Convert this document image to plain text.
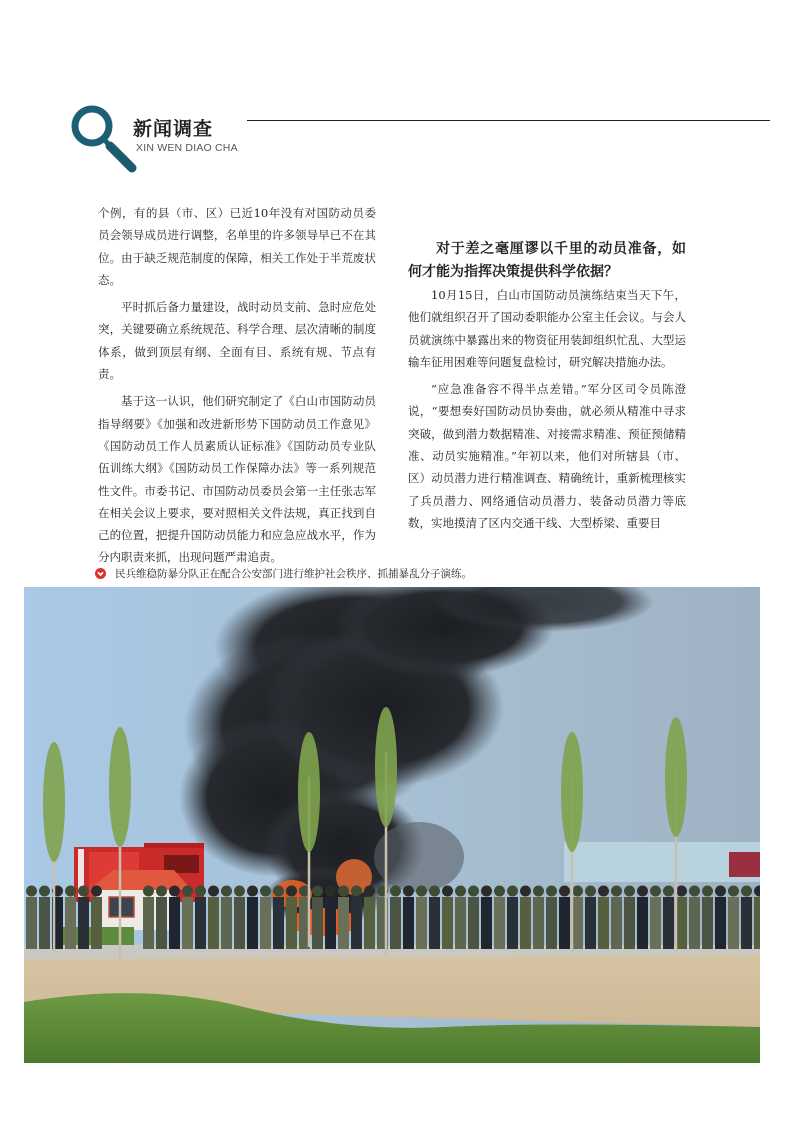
新闻调查
XIN WEN DIAO CHA

个例，有的县（市、区）已近10年没有对国防动员委员会领导成员进行调整，名单里的许多领导早已不在其位。由于缺乏规范制度的保障，相关工作处于半荒废状态。

平时抓后备力量建设，战时动员支前、急时应危处突，关键要确立系统规范、科学合理、层次清晰的制度体系，做到顶层有纲、全面有目、系统有规、节点有责。

基于这一认识，他们研究制定了《白山市国防动员指导纲要》《加强和改进新形势下国防动员工作意见》《国防动员工作人员素质认证标准》《国防动员专业队伍训练大纲》《国防动员工作保障办法》等一系列规范性文件。市委书记、市国防动员委员会第一主任张志军在相关会议上要求，要对照相关文件法规，真正找到自己的位置，把提升国防动员能力和应急应战水平，作为分内职责来抓，出现问题严肃追责。

对于差之毫厘谬以千里的动员准备，如何才能为指挥决策提供科学依据？

10月15日，白山市国防动员演练结束当天下午，他们就组织召开了国动委职能办公室主任会议。与会人员就演练中暴露出来的物资征用装卸组织忙乱、大型运输车征用困难等问题复盘检讨，研究解决措施办法。

“应急准备容不得半点差错。”军分区司令员陈澄说，“要想奏好国防动员协奏曲，就必须从精准中寻求突破，做到潜力数据精准、对接需求精准、预征预储精准、动员实施精准。”年初以来，他们对所辖县（市、区）动员潜力进行精准调查、精确统计，重新梳理核实了兵员潜力、网络通信动员潜力、装备动员潜力等底数，实地摸清了区内交通干线、大型桥梁、重要目

民兵维稳防暴分队正在配合公安部门进行维护社会秩序、抓捕暴乱分子演练。
